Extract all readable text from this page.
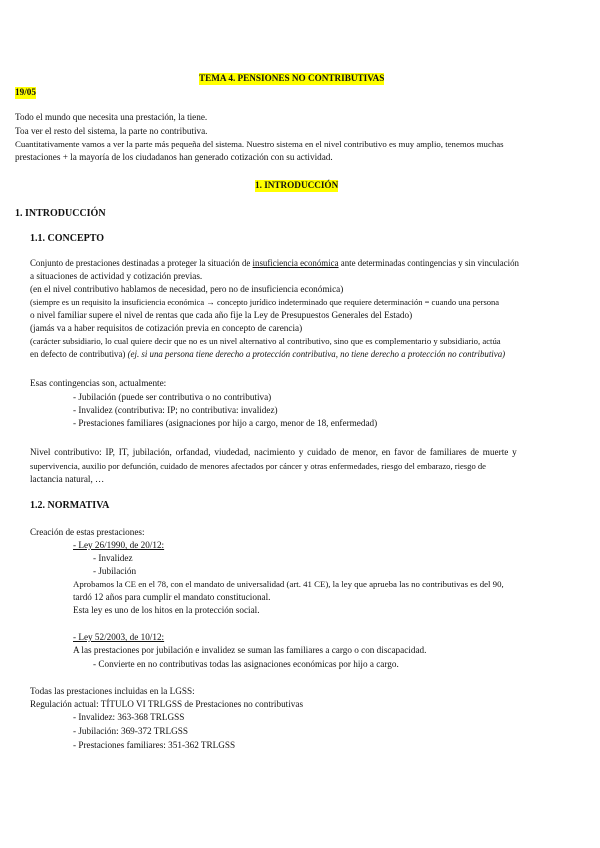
TEMA 4. PENSIONES NO CONTRIBUTIVAS
19/05
Todo el mundo que necesita una prestación, la tiene.
Toa ver el resto del sistema, la parte no contributiva.
Cuantitativamente vamos a ver la parte más pequeña del sistema. Nuestro sistema en el nivel contributivo es muy amplio, tenemos muchas
prestaciones + la mayoría de los ciudadanos han generado cotización con su actividad.
1. INTRODUCCIÓN
1. INTRODUCCIÓN
1.1. CONCEPTO
Conjunto de prestaciones destinadas a proteger la situación de insuficiencia económica ante determinadas contingencias y sin vinculación
a situaciones de actividad y cotización previas.
(en el nivel contributivo hablamos de necesidad, pero no de insuficiencia económica)
(siempre es un requisito la insuficiencia económica → concepto jurídico indeterminado que requiere determinación = cuando una persona
o nivel familiar supere el nivel de rentas que cada año fije la Ley de Presupuestos Generales del Estado)
(jamás va a haber requisitos de cotización previa en concepto de carencia)
(carácter subsidiario, lo cual quiere decir que no es un nivel alternativo al contributivo, sino que es complementario y subsidiario, actúa
en defecto de contributiva) (ej. si una persona tiene derecho a protección contributiva, no tiene derecho a protección no contributiva)
Esas contingencias son, actualmente:
- Jubilación (puede ser contributiva o no contributiva)
- Invalidez (contributiva: IP; no contributiva: invalidez)
- Prestaciones familiares (asignaciones por hijo a cargo, menor de 18, enfermedad)
Nivel contributivo: IP, IT, jubilación, orfandad, viudedad, nacimiento y cuidado de menor, en favor de familiares de muerte y
supervivencia, auxilio por defunción, cuidado de menores afectados por cáncer y otras enfermedades, riesgo del embarazo, riesgo de
lactancia natural, …
1.2. NORMATIVA
Creación de estas prestaciones:
- Ley 26/1990, de 20/12:
- Invalidez
- Jubilación
Aprobamos la CE en el 78, con el mandato de universalidad (art. 41 CE), la ley que aprueba las no contributivas es del 90,
tardó 12 años para cumplir el mandato constitucional.
Esta ley es uno de los hitos en la protección social.
- Ley 52/2003, de 10/12:
A las prestaciones por jubilación e invalidez se suman las familiares a cargo o con discapacidad.
- Convierte en no contributivas todas las asignaciones económicas por hijo a cargo.
Todas las prestaciones incluidas en la LGSS:
Regulación actual: TÍTULO VI TRLGSS de Prestaciones no contributivas
- Invalidez: 363-368 TRLGSS
- Jubilación: 369-372 TRLGSS
- Prestaciones familiares: 351-362 TRLGSS
